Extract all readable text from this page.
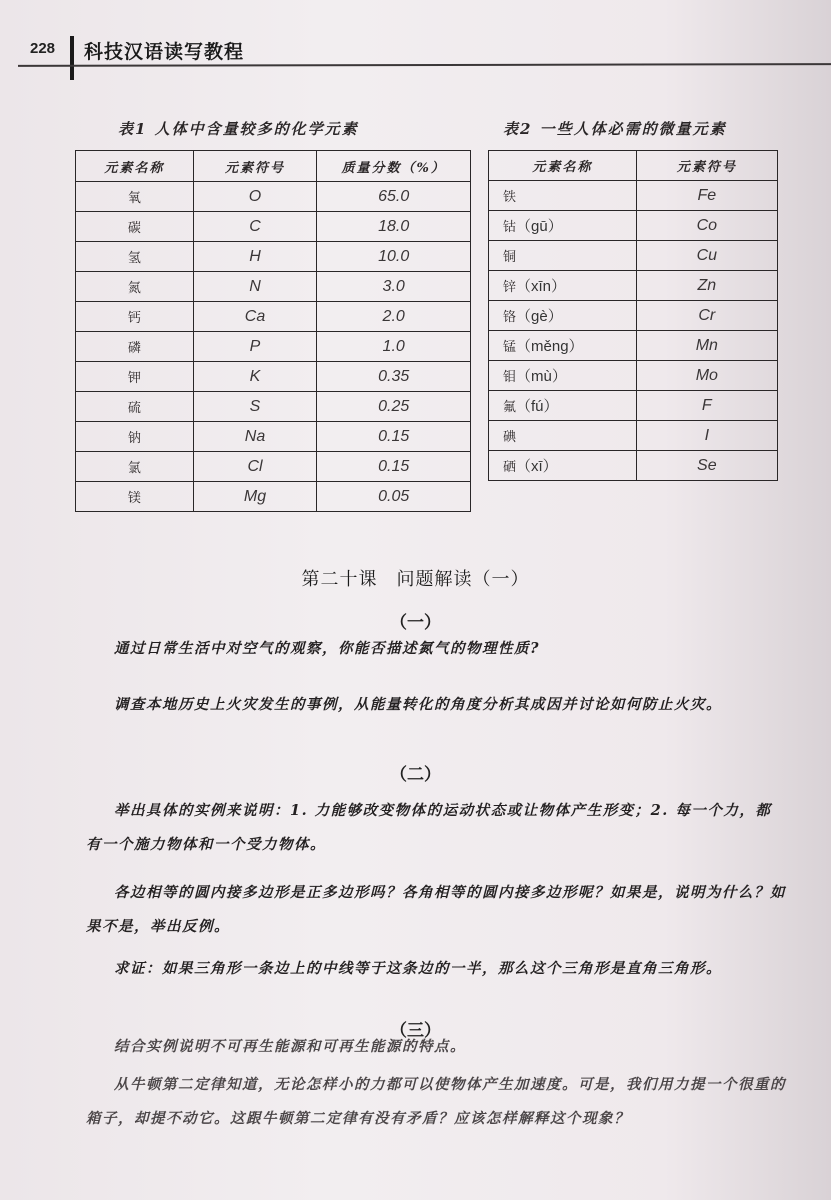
228 科技汉语读写教程
表1 人体中含量较多的化学元素
元素名称	元素符号	质量分数（%）
氧	O	65.0
碳	C	18.0
氢	H	10.0
氮	N	3.0
钙	Ca	2.0
磷	P	1.0
钾	K	0.35
硫	S	0.25
钠	Na	0.15
氯	Cl	0.15
镁	Mg	0.05
表2 一些人体必需的微量元素
元素名称	元素符号
铁	Fe
钴（gū）	Co
铜	Cu
锌（xīn）	Zn
铬（gè）	Cr
锰（měng）	Mn
钼（mù）	Mo
氟（fú）	F
碘	I
硒（xī）	Se
第二十课　问题解读（一）
（一）
通过日常生活中对空气的观察，你能否描述氮气的物理性质?
调查本地历史上火灾发生的事例，从能量转化的角度分析其成因并讨论如何防止火灾。
（二）
举出具体的实例来说明：1. 力能够改变物体的运动状态或让物体产生形变；2. 每一个力，都有一个施力物体和一个受力物体。
各边相等的圆内接多边形是正多边形吗？各角相等的圆内接多边形呢？如果是，说明为什么？如果不是，举出反例。
求证：如果三角形一条边上的中线等于这条边的一半，那么这个三角形是直角三角形。
（三）
结合实例说明不可再生能源和可再生能源的特点。
从牛顿第二定律知道，无论怎样小的力都可以使物体产生加速度。可是，我们用力提一个很重的箱子，却提不动它。这跟牛顿第二定律有没有矛盾？应该怎样解释这个现象？
